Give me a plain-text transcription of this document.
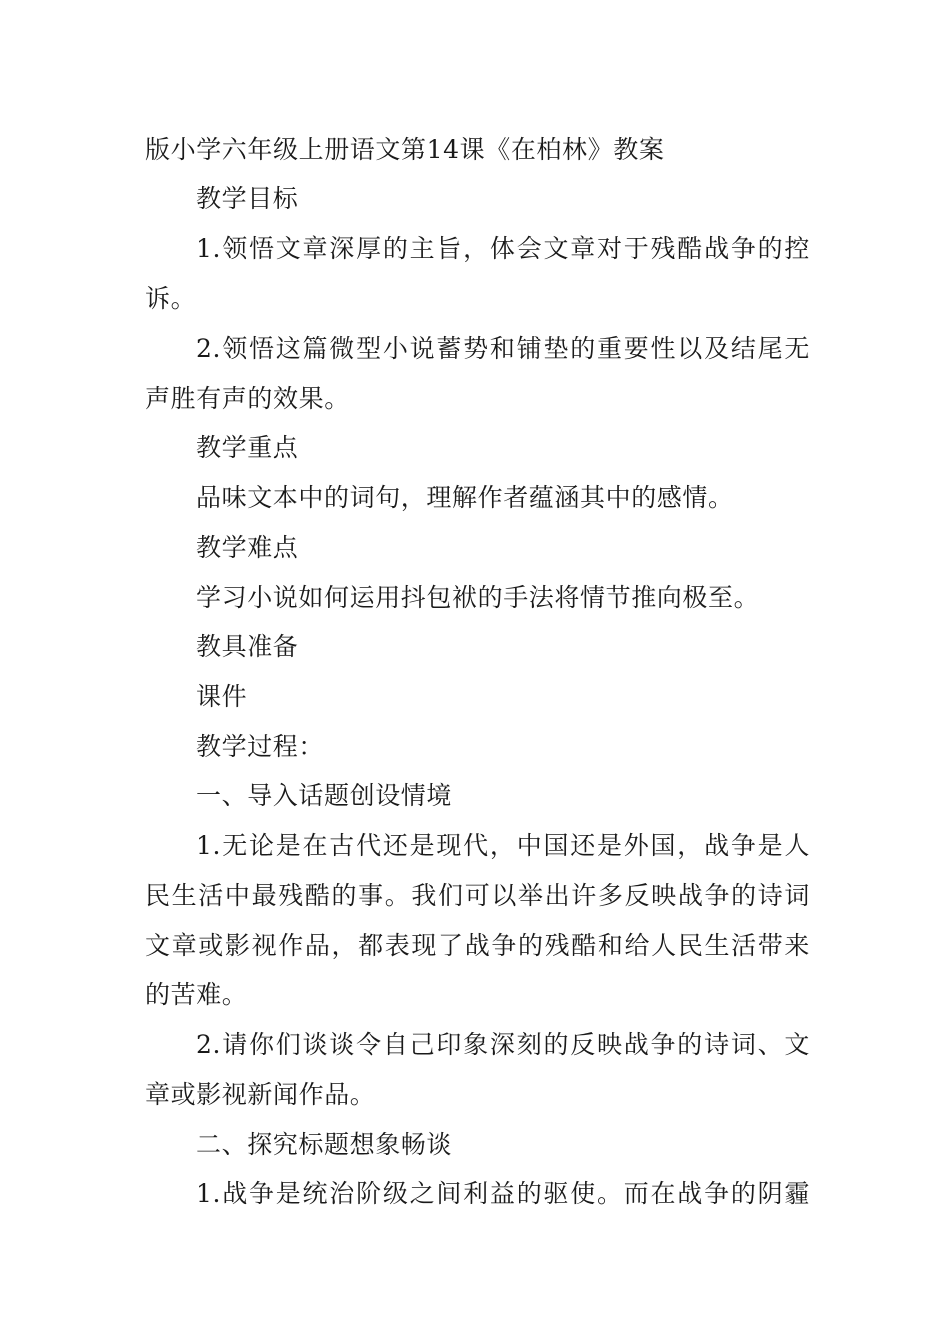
版小学六年级上册语文第14课《在柏林》教案
教学目标
1.领悟文章深厚的主旨，体会文章对于残酷战争的控
诉。
2.领悟这篇微型小说蓄势和铺垫的重要性以及结尾无
声胜有声的效果。
教学重点
品味文本中的词句，理解作者蕴涵其中的感情。
教学难点
学习小说如何运用抖包袱的手法将情节推向极至。
教具准备
课件
教学过程：
一、导入话题创设情境
1.无论是在古代还是现代，中国还是外国，战争是人
民生活中最残酷的事。我们可以举出许多反映战争的诗词
文章或影视作品，都表现了战争的残酷和给人民生活带来
的苦难。
2.请你们谈谈令自己印象深刻的反映战争的诗词、文
章或影视新闻作品。
二、探究标题想象畅谈
1.战争是统治阶级之间利益的驱使。而在战争的阴霾
